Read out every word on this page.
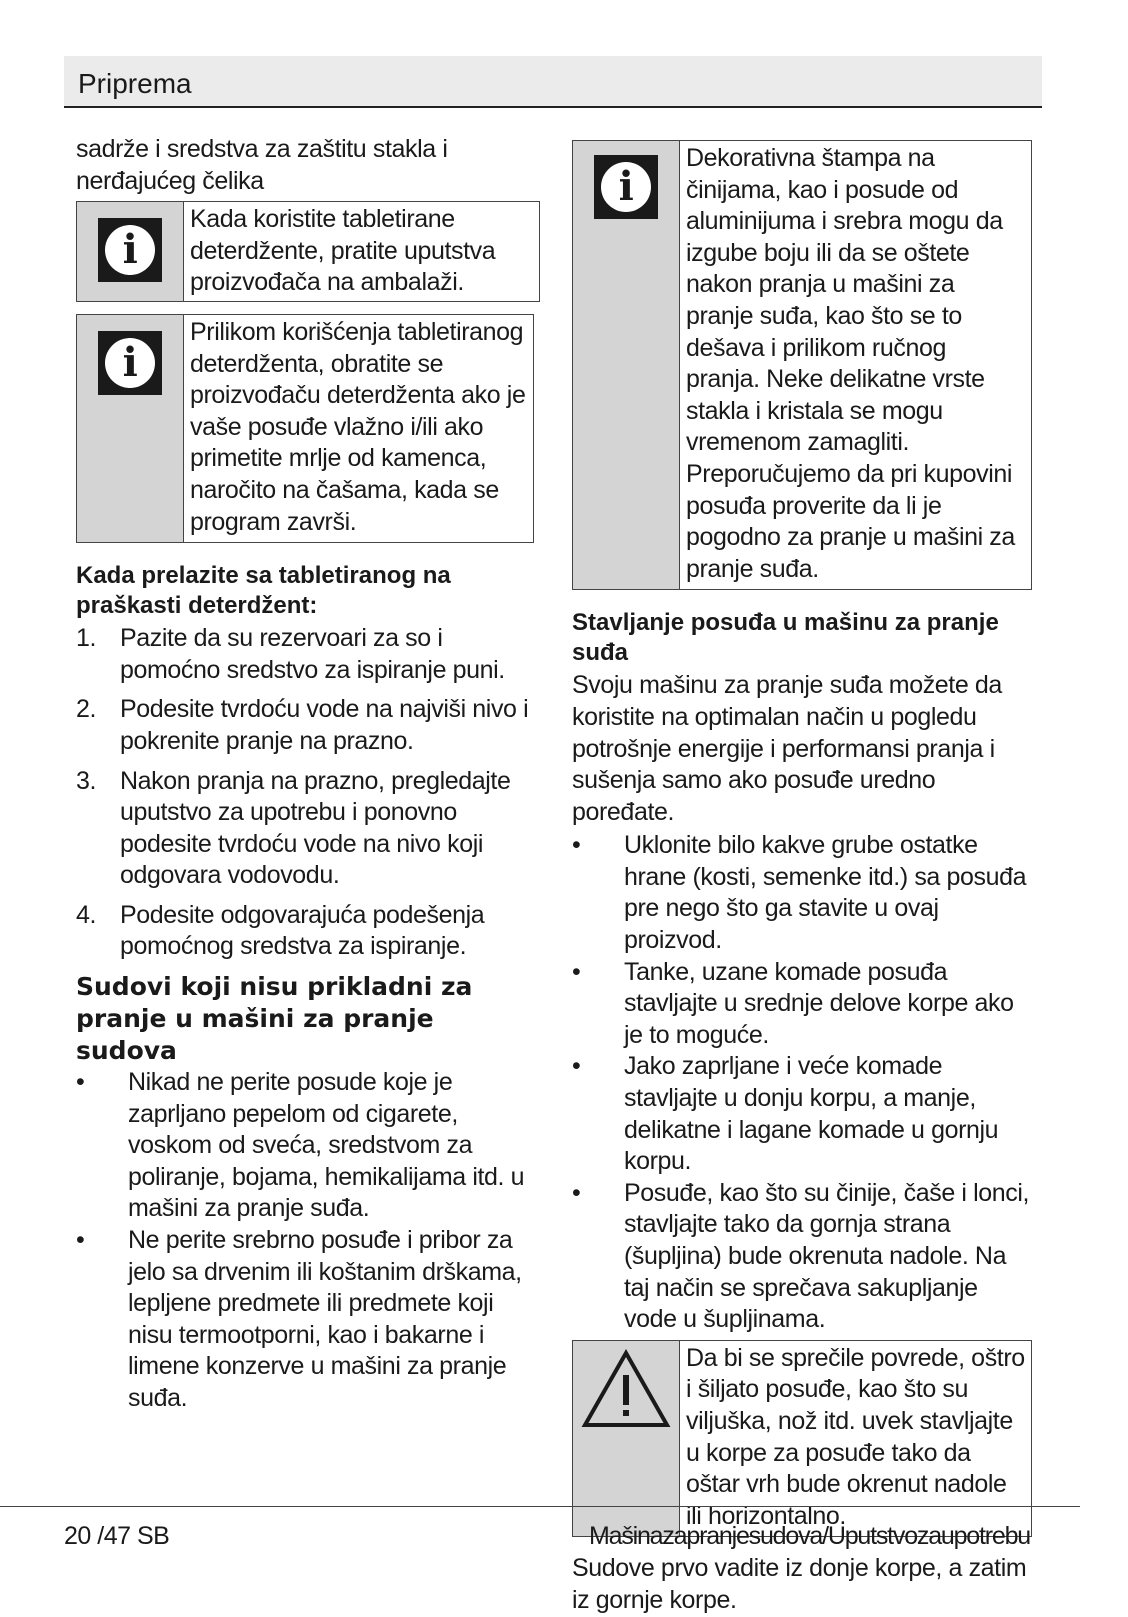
Priprema

sadrže i sredstva za zaštitu stakla i nerđajućeg čelika

i
Kada koristite tabletirane deterdžente, pratite uputstva proizvođača na ambalaži.
i
Prilikom korišćenja tabletiranog deterdženta, obratite se proizvođaču deterdženta ako je vaše posuđe vlažno i/ili ako primetite mrlje od kamenca, naročito na čašama, kada se program završi.
Kada prelazite sa tabletiranog na praškasti deterdžent:
1. Pazite da su rezervoari za so i pomoćno sredstvo za ispiranje puni.
2. Podesite tvrdoću vode na najviši nivo i pokrenite pranje na prazno.
3. Nakon pranja na prazno, pregledajte uputstvo za upotrebu i ponovno podesite tvrdoću vode na nivo koji odgovara vodovodu.
4. Podesite odgovarajuća podešenja pomoćnog sredstva za ispiranje.
Sudovi koji nisu prikladni za pranje u mašini za pranje sudova
• Nikad ne perite posude koje je zaprljano pepelom od cigarete, voskom od sveća, sredstvom za poliranje, bojama, hemikalijama itd. u mašini za pranje suđa.
• Ne perite srebrno posuđe i pribor za jelo sa drvenim ili koštanim drškama, lepljene predmete ili predmete koji nisu termootporni, kao i bakarne i limene konzerve u mašini za pranje suđa.
i
Dekorativna štampa na činijama, kao i posude od aluminijuma i srebra mogu da izgube boju ili da se oštete nakon pranja u mašini za pranje suđa, kao što se to dešava i prilikom ručnog pranja. Neke delikatne vrste stakla i kristala se mogu vremenom zamagliti. Preporučujemo da pri kupovini posuđa proverite da li je pogodno za pranje u mašini za pranje suđa.
Stavljanje posuđa u mašinu za pranje suđa

Svoju mašinu za pranje suđa možete da koristite na optimalan način u pogledu potrošnje energije i performansi pranja i sušenja samo ako posuđe uredno poređate.

• Uklonite bilo kakve grube ostatke hrane (kosti, semenke itd.) sa posuđa pre nego što ga stavite u ovaj proizvod.
• Tanke, uzane komade posuđa stavljajte u srednje delove korpe ako je to moguće.
• Jako zaprljane i veće komade stavljajte u donju korpu, a manje, delikatne i lagane komade u gornju korpu.
• Posuđe, kao što su činije, čaše i lonci, stavljajte tako da gornja strana (šupljina) bude okrenuta nadole. Na taj način se sprečava sakupljanje vode u šupljinama.
Da bi se sprečile povrede, oštro i šiljato posuđe, kao što su viljuška, nož itd. uvek stavljajte u korpe za posuđe tako da oštar vrh bude okrenut nadole ili horizontalno.

Sudove prvo vadite iz donje korpe, a zatim iz gornje korpe.

20 /47 SB	Mašinazapranjesudova/Uputstvozaupotrebu
